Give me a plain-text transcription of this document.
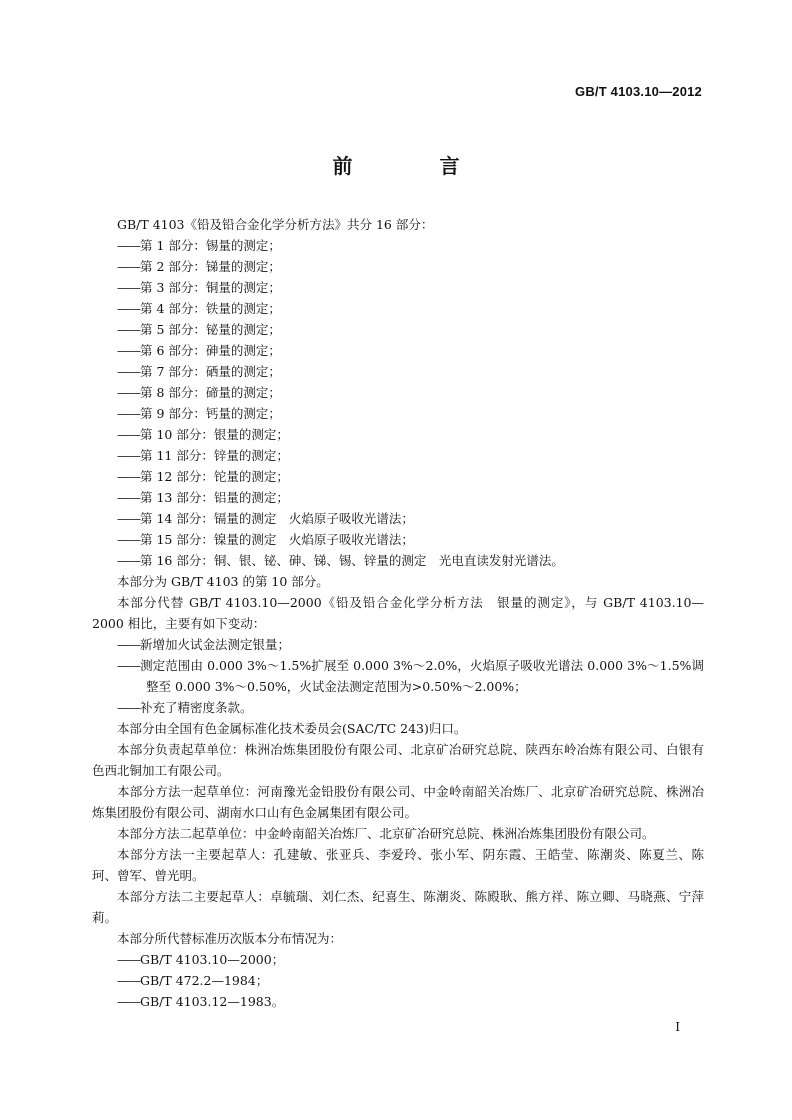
GB/T 4103.10—2012
前 言

GB/T 4103《铅及铅合金化学分析方法》共分 16 部分：

——第 1 部分：锡量的测定；

——第 2 部分：锑量的测定；

——第 3 部分：铜量的测定；

——第 4 部分：铁量的测定；

——第 5 部分：铋量的测定；

——第 6 部分：砷量的测定；

——第 7 部分：硒量的测定；

——第 8 部分：碲量的测定；

——第 9 部分：钙量的测定；

——第 10 部分：银量的测定；

——第 11 部分：锌量的测定；

——第 12 部分：铊量的测定；

——第 13 部分：铝量的测定；

——第 14 部分：镉量的测定　火焰原子吸收光谱法；

——第 15 部分：镍量的测定　火焰原子吸收光谱法；

——第 16 部分：铜、银、铋、砷、锑、锡、锌量的测定　光电直读发射光谱法。

本部分为 GB/T 4103 的第 10 部分。

本部分代替 GB/T 4103.10—2000《铅及铅合金化学分析方法　银量的测定》，与 GB/T 4103.10—2000 相比，主要有如下变动：

——新增加火试金法测定银量；

——测定范围由 0.000 3%～1.5%扩展至 0.000 3%～2.0%，火焰原子吸收光谱法 0.000 3%～1.5%调整至 0.000 3%～0.50%，火试金法测定范围为>0.50%～2.00%；

——补充了精密度条款。

本部分由全国有色金属标准化技术委员会(SAC/TC 243)归口。

本部分负责起草单位：株洲冶炼集团股份有限公司、北京矿冶研究总院、陕西东岭冶炼有限公司、白银有色西北铜加工有限公司。

本部分方法一起草单位：河南豫光金铅股份有限公司、中金岭南韶关冶炼厂、北京矿冶研究总院、株洲冶炼集团股份有限公司、湖南水口山有色金属集团有限公司。

本部分方法二起草单位：中金岭南韶关冶炼厂、北京矿冶研究总院、株洲冶炼集团股份有限公司。

本部分方法一主要起草人：孔建敏、张亚兵、李爱玲、张小军、阴东霞、王皓莹、陈潮炎、陈夏兰、陈珂、曾军、曾光明。

本部分方法二主要起草人：卓毓瑞、刘仁杰、纪喜生、陈潮炎、陈殿耿、熊方祥、陈立卿、马晓燕、宁萍莉。

本部分所代替标准历次版本分布情况为：

——GB/T 4103.10—2000；

——GB/T 472.2—1984；

——GB/T 4103.12—1983。

I
